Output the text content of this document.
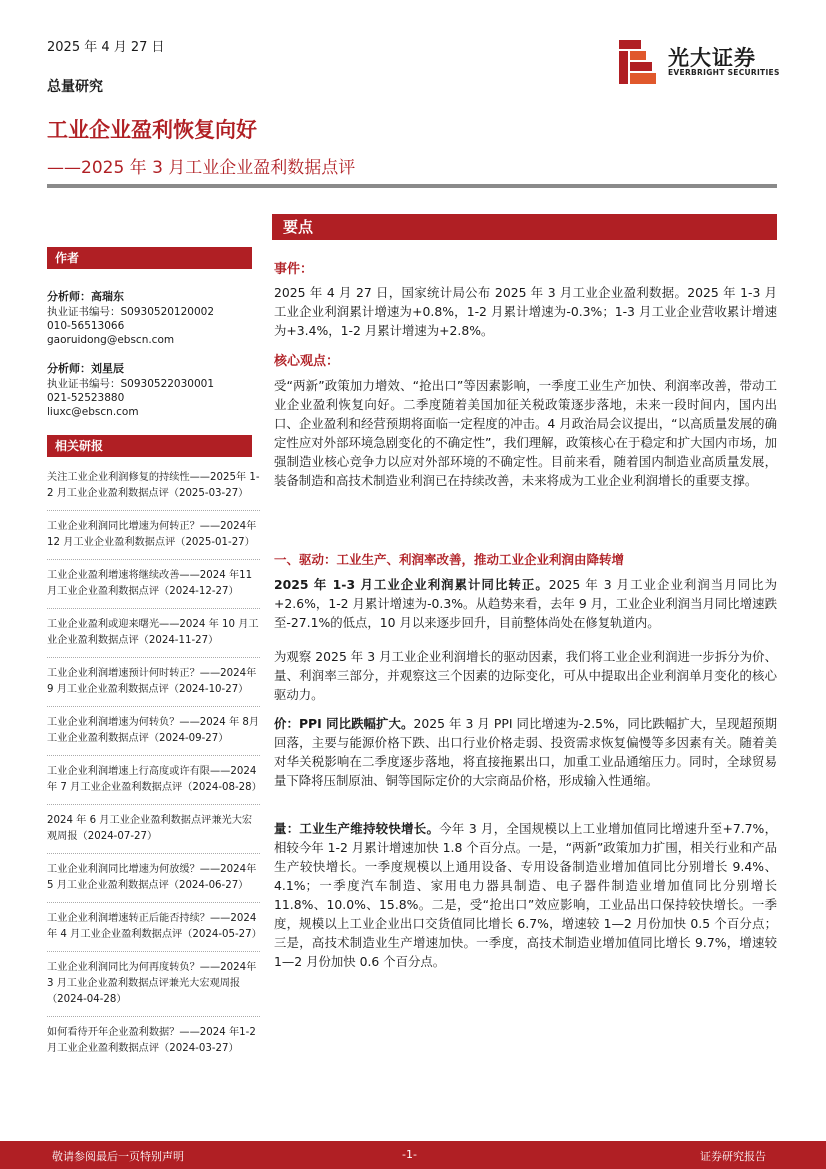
2025 年 4 月 27 日
总量研究
光大证券
EVERBRIGHT SECURITIES
工业企业盈利恢复向好
——2025 年 3 月工业企业盈利数据点评
作者
分析师：高瑞东
执业证书编号：S0930520120002
010-56513066
gaoruidong@ebscn.com
分析师：刘星辰
执业证书编号：S0930522030001
021-52523880
liuxc@ebscn.com
相关研报
关注工业企业利润修复的持续性——2025年 1-2 月工业企业盈利数据点评（2025-03-27）
工业企业利润同比增速为何转正？——2024年 12 月工业企业盈利数据点评（2025-01-27）
工业企业盈利增速将继续改善——2024 年11 月工业企业盈利数据点评（2024-12-27）
工业企业盈利或迎来曙光——2024 年 10 月工业企业盈利数据点评（2024-11-27）
工业企业利润增速预计何时转正？——2024年 9 月工业企业盈利数据点评（2024-10-27）
工业企业利润增速为何转负？——2024 年 8月工业企业盈利数据点评（2024-09-27）
工业企业利润增速上行高度或许有限——2024 年 7 月工业企业盈利数据点评（2024-08-28）
2024 年 6 月工业企业盈利数据点评兼光大宏观周报（2024-07-27）
工业企业利润同比增速为何放缓？——2024年 5 月工业企业盈利数据点评（2024-06-27）
工业企业利润增速转正后能否持续？——2024 年 4 月工业企业盈利数据点评（2024-05-27）
工业企业利润同比为何再度转负？——2024年 3 月工业企业盈利数据点评兼光大宏观周报（2024-04-28）
如何看待开年企业盈利数据？——2024 年1-2 月工业企业盈利数据点评（2024-03-27）
要点
事件：
2025 年 4 月 27 日，国家统计局公布 2025 年 3 月工业企业盈利数据。2025 年 1-3 月工业企业利润累计增速为+0.8%，1-2 月累计增速为-0.3%；1-3 月工业企业营收累计增速为+3.4%，1-2 月累计增速为+2.8%。
核心观点：
受“两新”政策加力增效、“抢出口”等因素影响，一季度工业生产加快、利润率改善，带动工业企业盈利恢复向好。二季度随着美国加征关税政策逐步落地，未来一段时间内，国内出口、企业盈利和经营预期将面临一定程度的冲击。4 月政治局会议提出，“以高质量发展的确定性应对外部环境急剧变化的不确定性”，我们理解，政策核心在于稳定和扩大国内市场，加强制造业核心竞争力以应对外部环境的不确定性。目前来看，随着国内制造业高质量发展，装备制造和高技术制造业利润已在持续改善，未来将成为工业企业利润增长的重要支撑。
一、驱动：工业生产、利润率改善，推动工业企业利润由降转增
2025 年 1-3 月工业企业利润累计同比转正。2025 年 3 月工业企业利润当月同比为+2.6%，1-2 月累计增速为-0.3%。从趋势来看，去年 9 月，工业企业利润当月同比增速跌至-27.1%的低点，10 月以来逐步回升，目前整体尚处在修复轨道内。
为观察 2025 年 3 月工业企业利润增长的驱动因素，我们将工业企业利润进一步拆分为价、量、利润率三部分，并观察这三个因素的边际变化，可从中提取出企业利润单月变化的核心驱动力。
价：PPI 同比跌幅扩大。2025 年 3 月 PPI 同比增速为-2.5%，同比跌幅扩大，呈现超预期回落，主要与能源价格下跌、出口行业价格走弱、投资需求恢复偏慢等多因素有关。随着美对华关税影响在二季度逐步落地，将直接拖累出口，加重工业品通缩压力。同时，全球贸易量下降将压制原油、铜等国际定价的大宗商品价格，形成输入性通缩。
量：工业生产维持较快增长。今年 3 月，全国规模以上工业增加值同比增速升至+7.7%，相较今年 1-2 月累计增速加快 1.8 个百分点。一是，“两新”政策加力扩围，相关行业和产品生产较快增长。一季度规模以上通用设备、专用设备制造业增加值同比分别增长 9.4%、4.1%；一季度汽车制造、家用电力器具制造、电子器件制造业增加值同比分别增长 11.8%、10.0%、15.8%。二是，受“抢出口”效应影响，工业品出口保持较快增长。一季度，规模以上工业企业出口交货值同比增长 6.7%，增速较 1—2 月份加快 0.5 个百分点；三是，高技术制造业生产增速加快。一季度，高技术制造业增加值同比增长 9.7%，增速较 1—2 月份加快 0.6 个百分点。
敬请参阅最后一页特别声明	-1-	证券研究报告
